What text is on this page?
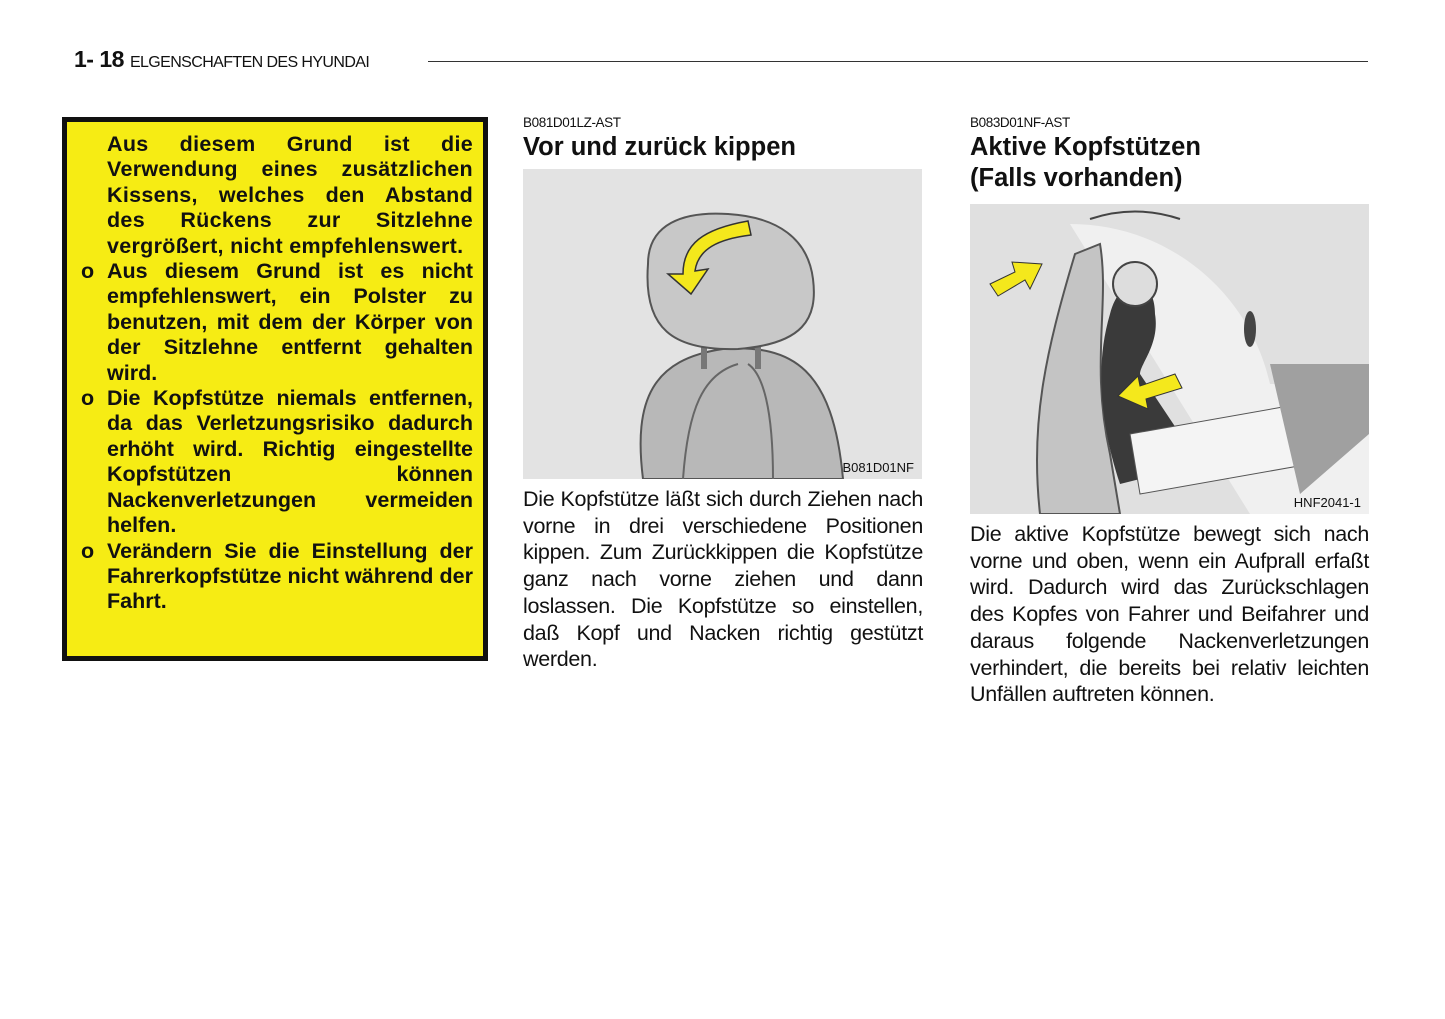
1- 18 ELGENSCHAFTEN DES HYUNDAI

Aus diesem Grund ist die Verwendung eines zusätzlichen Kissens, welches den Abstand des Rückens zur Sitzlehne vergrößert, nicht empfehlenswert.

o Aus diesem Grund ist es nicht empfehlenswert, ein Polster zu benutzen, mit dem der Körper von der Sitzlehne entfernt gehalten wird.

o Die Kopfstütze niemals entfernen, da das Verletzungsrisiko dadurch erhöht wird. Richtig eingestellte Kopfstützen können Nackenverletzungen vermeiden helfen.

o Verändern Sie die Einstellung der Fahrerkopfstütze nicht während der Fahrt.

B081D01LZ-AST
Vor und zurück kippen
B081D01NF
Die Kopfstütze läßt sich durch Ziehen nach vorne in drei verschiedene Positionen kippen. Zum Zurückkippen die Kopfstütze ganz nach vorne ziehen und dann loslassen. Die Kopfstütze so einstellen, daß Kopf und Nacken richtig gestützt werden.
B083D01NF-AST
Aktive Kopfstützen
(Falls vorhanden)
HNF2041-1
Die aktive Kopfstütze bewegt sich nach vorne und oben, wenn ein Aufprall erfaßt wird. Dadurch wird das Zurückschlagen des Kopfes von Fahrer und Beifahrer und daraus folgende Nackenverletzungen verhindert, die bereits bei relativ leichten Unfällen auftreten können.
